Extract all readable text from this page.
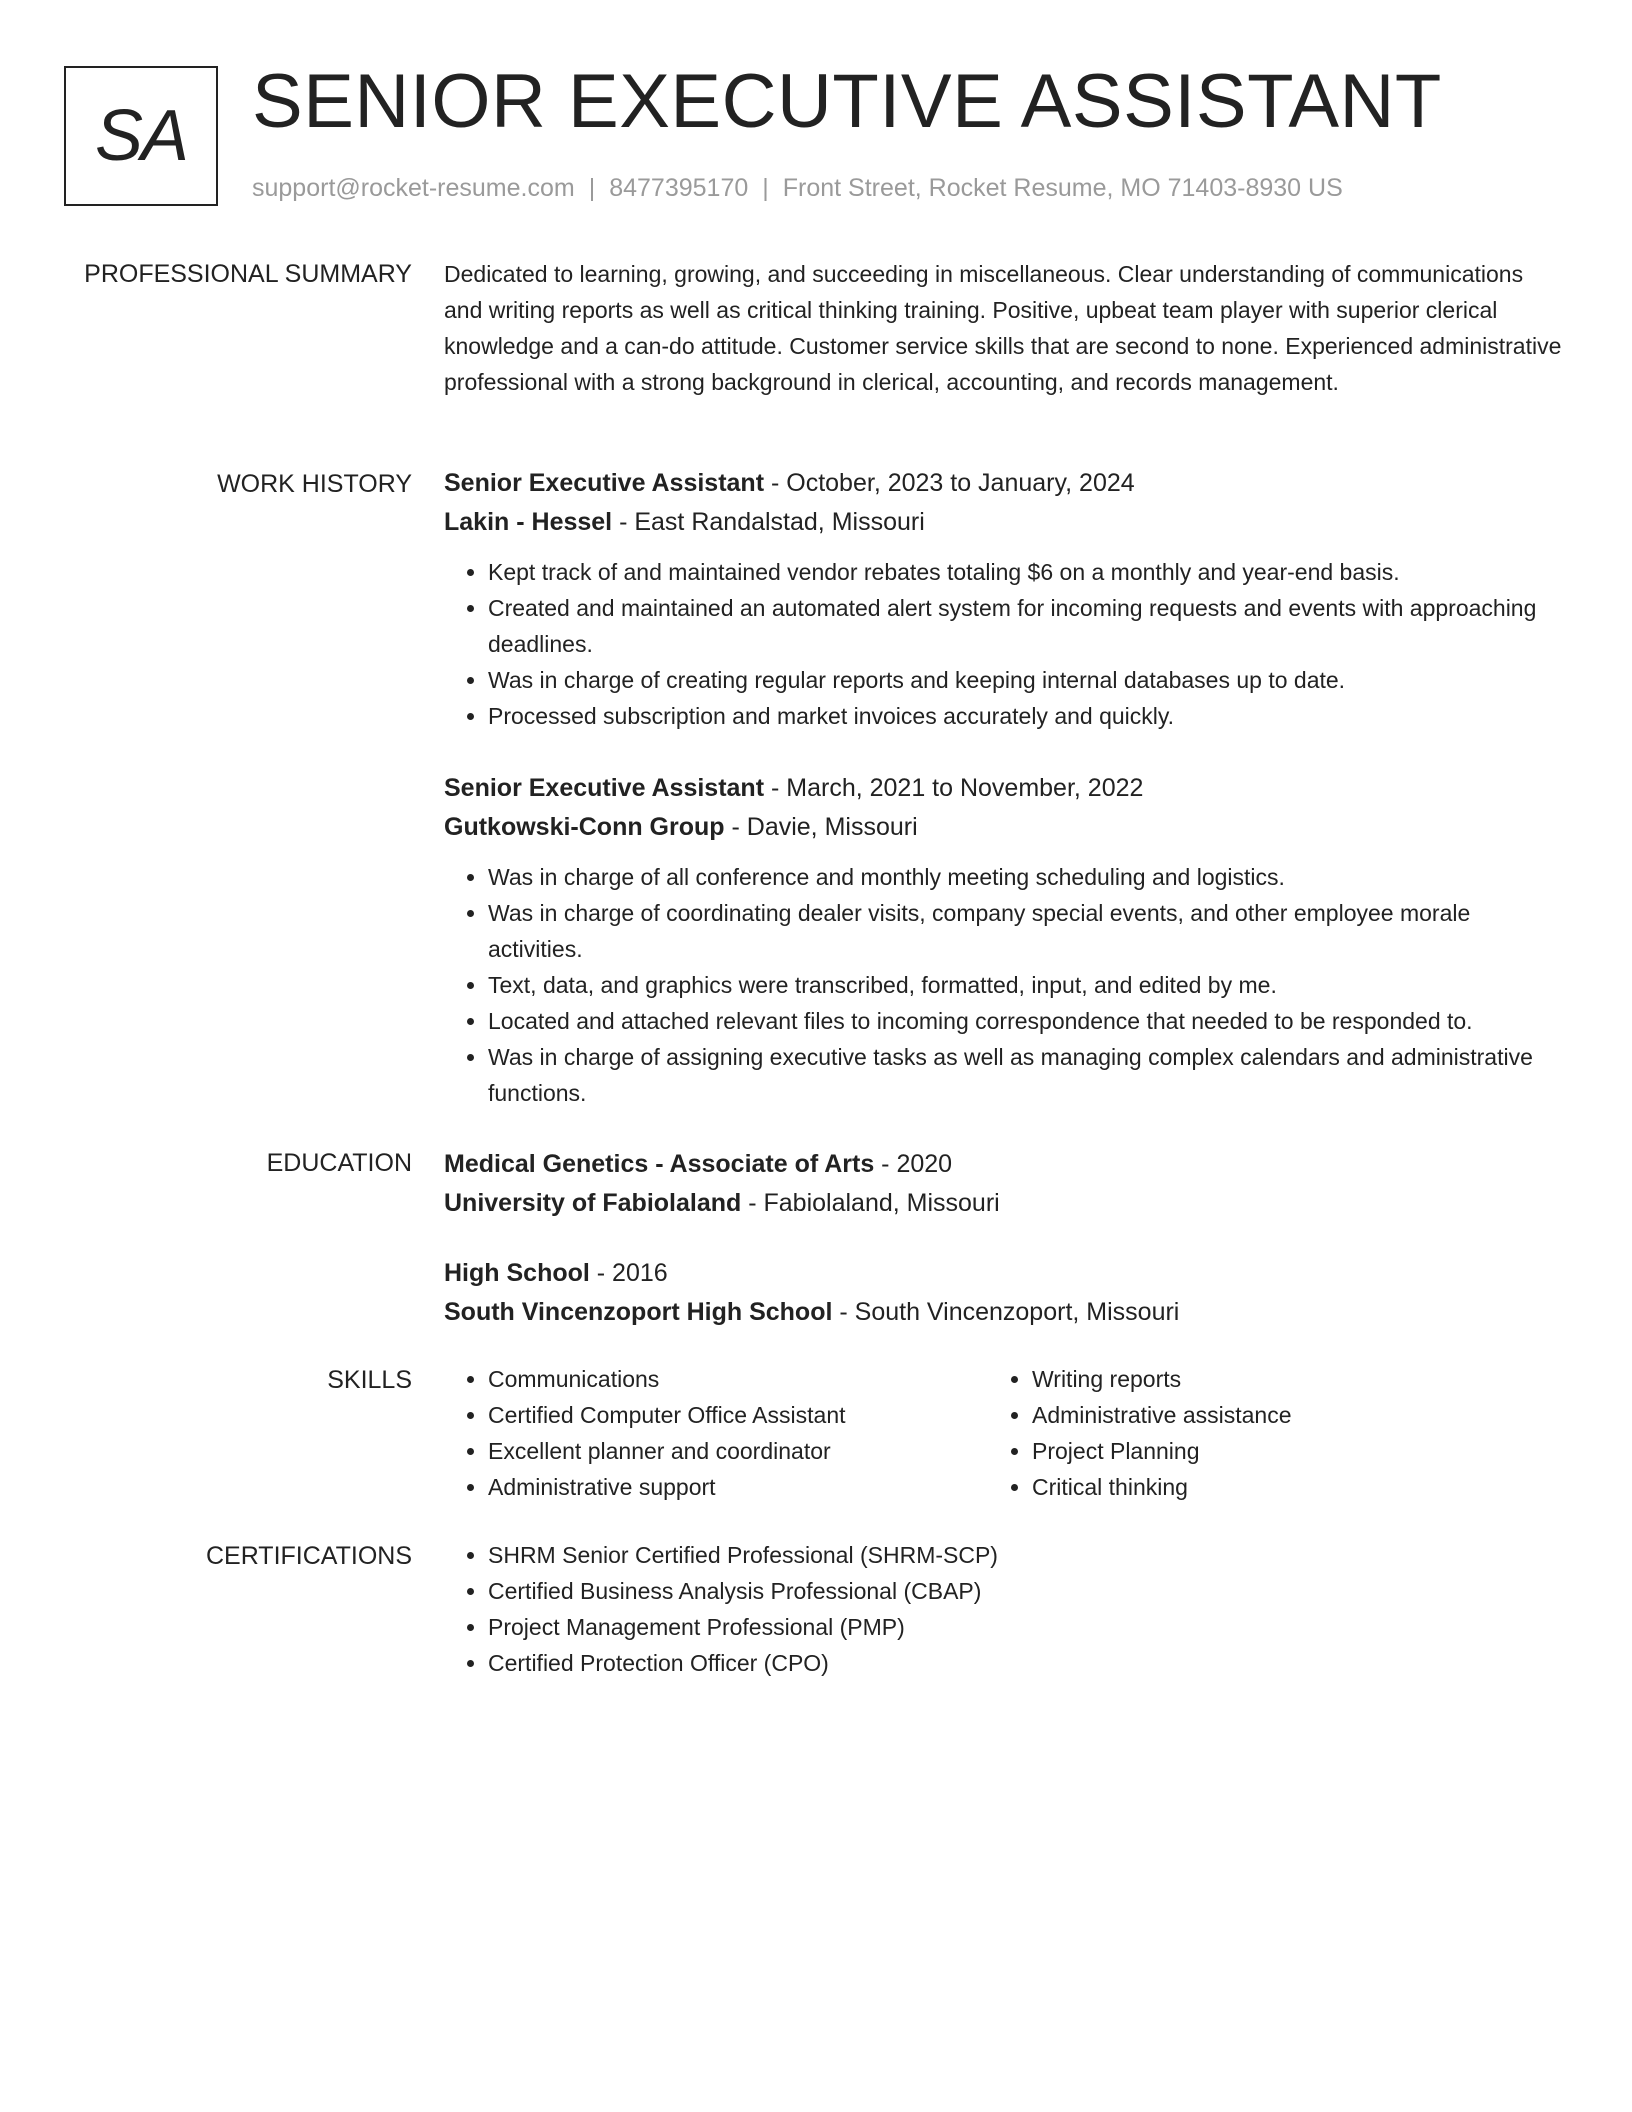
SA SENIOR EXECUTIVE ASSISTANT
support@rocket-resume.com | 8477395170 | Front Street, Rocket Resume, MO 71403-8930 US
PROFESSIONAL SUMMARY Dedicated to learning, growing, and succeeding in miscellaneous. Clear understanding of communications and writing reports as well as critical thinking training. Positive, upbeat team player with superior clerical knowledge and a can-do attitude. Customer service skills that are second to none. Experienced administrative professional with a strong background in clerical, accounting, and records management.

WORK HISTORY Senior Executive Assistant - October, 2023 to January, 2024
Lakin - Hessel - East Randalstad, Missouri
• Kept track of and maintained vendor rebates totaling $6 on a monthly and year-end basis.
• Created and maintained an automated alert system for incoming requests and events with approaching deadlines.
• Was in charge of creating regular reports and keeping internal databases up to date.
• Processed subscription and market invoices accurately and quickly.
Senior Executive Assistant - March, 2021 to November, 2022
Gutkowski-Conn Group - Davie, Missouri
• Was in charge of all conference and monthly meeting scheduling and logistics.
• Was in charge of coordinating dealer visits, company special events, and other employee morale activities.
• Text, data, and graphics were transcribed, formatted, input, and edited by me.
• Located and attached relevant files to incoming correspondence that needed to be responded to.
• Was in charge of assigning executive tasks as well as managing complex calendars and administrative functions.
EDUCATION Medical Genetics - Associate of Arts - 2020
University of Fabiolaland - Fabiolaland, Missouri
High School - 2016
South Vincenzoport High School - South Vincenzoport, Missouri
SKILLS	• Communications
• Certified Computer Office Assistant
• Excellent planner and coordinator
• Administrative support
• Writing reports
• Administrative assistance
• Project Planning
• Critical thinking
CERTIFICATIONS	• SHRM Senior Certified Professional (SHRM-SCP)
• Certified Business Analysis Professional (CBAP)
• Project Management Professional (PMP)
• Certified Protection Officer (CPO)
